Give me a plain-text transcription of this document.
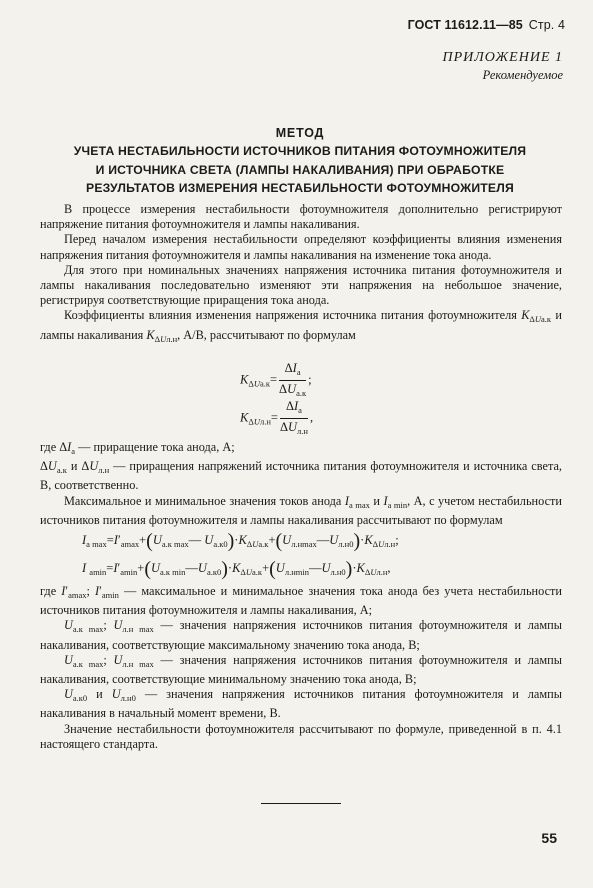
ГОСТ 11612.11—85 Стр. 4
ПРИЛОЖЕНИЕ 1
Рекомендуемое
МЕТОД
УЧЕТА НЕСТАБИЛЬНОСТИ ИСТОЧНИКОВ ПИТАНИЯ ФОТОУМНОЖИТЕЛЯ
И ИСТОЧНИКА СВЕТА (ЛАМПЫ НАКАЛИВАНИЯ) ПРИ ОБРАБОТКЕ
РЕЗУЛЬТАТОВ ИЗМЕРЕНИЯ НЕСТАБИЛЬНОСТИ ФОТОУМНОЖИТЕЛЯ

В процессе измерения нестабильности фотоумножителя дополнительно регистрируют напряжение питания фотоумножителя и лампы накаливания.

Перед началом измерения нестабильности определяют коэффициенты влияния изменения напряжения питания фотоумножителя и лампы накаливания на изменение тока анода.

Для этого при номинальных значениях напряжения источника питания фотоумножителя и лампы накаливания последовательно изменяют эти напряжения на небольшое значение, регистрируя соответствующие приращения тока анода.

Коэффициенты влияния изменения напряжения источника питания фотоумножителя $K_{\Delta Uа.к}$ и лампы накаливания $K_{\Delta Uл.н}$, А/В, рассчитывают по формулам

$K_{\Delta Uа.к}= \frac{\Delta I_а}{\Delta U_{а.к}}$ ;
$K_{\Delta Uл.н}= \frac{\Delta I_а}{\Delta U_{л.н}}$ ,

где $\Delta I_а$ — приращение тока анода, А;

$\Delta U_{а.к}$ и $\Delta U_{л.н}$ — приращения напряжений источника питания фотоумножителя и источника света, В, соответственно.

Максимальное и минимальное значения токов анода $I_{а max}$ и $I_{а min}$, А, с учетом нестабильности источников питания фотоумножителя и лампы накаливания рассчитывают по формулам

$I_{а max}=I'_{аmax}+(U_{а.к max}—$ $U_{а.к0})\cdot K_{\Delta Uа.к}+(U_{л.нmax}—U_{л.н0})\cdot K_{\Delta Uл.н}$;
I $_{amin}=I'_{amin}+(U_{а.к min}—U_{а.к0})\cdot K_{\Delta Uа.к}+(U_{л.нmin}—U_{л.н0})\cdot K_{\Delta Uл.н}$,

где $I'_{amax}$; $I'_{amin}$ — максимальное и минимальное значения тока анода без учета нестабильности источников питания фотоумножителя и лампы накаливания, А;

$U_{а.к max}$; $U_{л.н max}$ — значения напряжения источников питания фотоумножителя и лампы накаливания, соответствующие максимальному значению тока анода, В;

$U_{а.к max}$; $U_{л.н max}$ — значения напряжения источников питания фотоумножителя и лампы накаливания, соответствующие минимальному значению тока анода, В;

$U_{а.к0}$ и $U_{л.н0}$ — значения напряжения источников питания фотоумножителя и лампы накаливания в начальный момент времени, В.

Значение нестабильности фотоумножителя рассчитывают по формуле, приведенной в п. 4.1 настоящего стандарта.

55
